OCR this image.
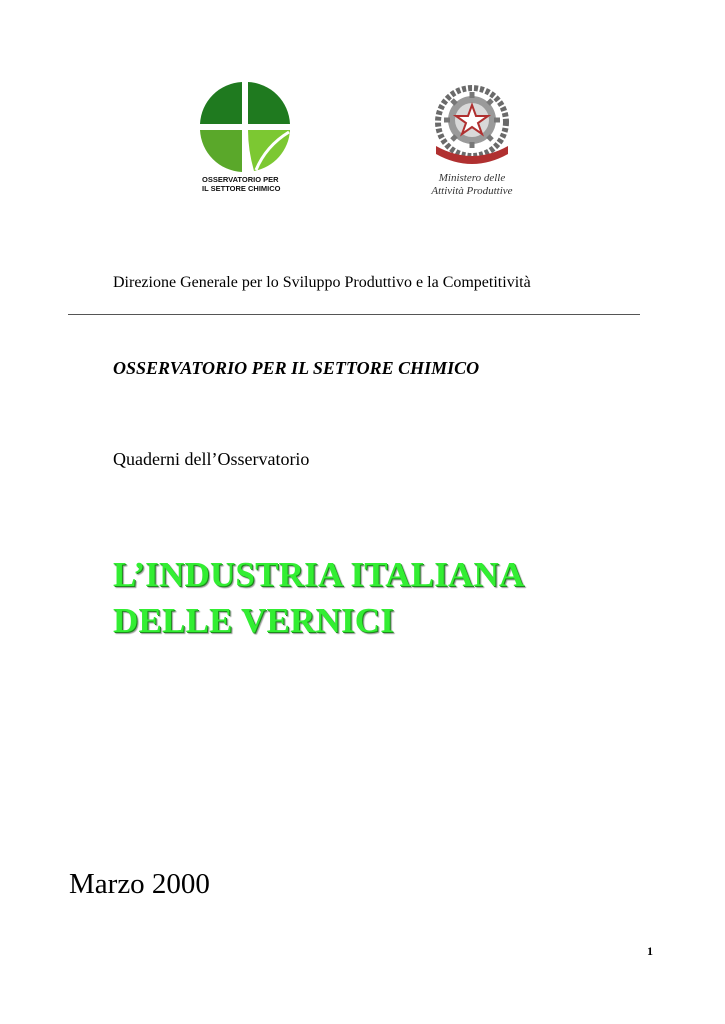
OSSERVATORIO PER
IL SETTORE CHIMICO
Ministero delle
Attività Produttive
Direzione Generale per lo Sviluppo Produttivo e la Competitività
OSSERVATORIO PER IL SETTORE CHIMICO
Quaderni dell’Osservatorio
L’INDUSTRIA ITALIANA
DELLE VERNICI
Marzo 2000
1
